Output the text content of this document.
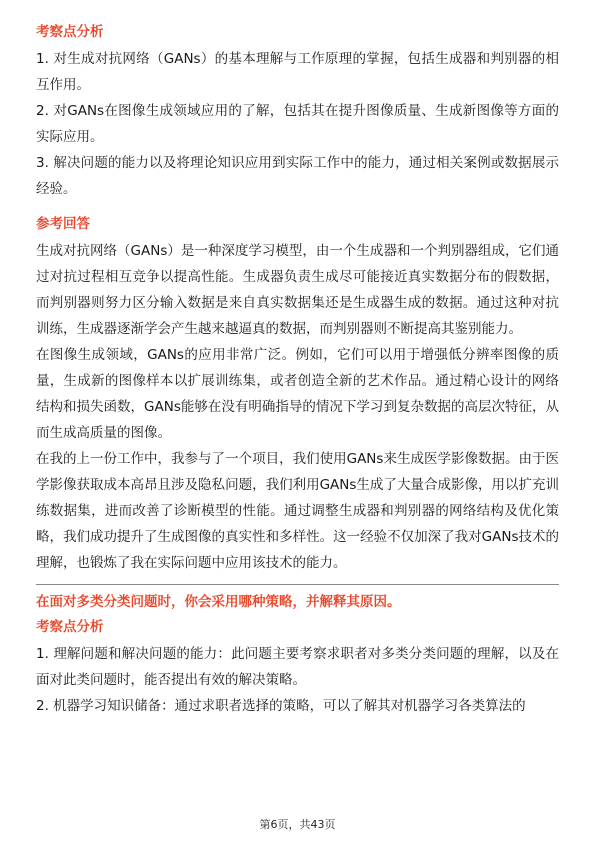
考察点分析

1. 对生成对抗网络（GANs）的基本理解与工作原理的掌握，包括生成器和判别器的相互作用。

2. 对GANs在图像生成领域应用的了解，包括其在提升图像质量、生成新图像等方面的实际应用。

3. 解决问题的能力以及将理论知识应用到实际工作中的能力，通过相关案例或数据展示经验。

参考回答

生成对抗网络（GANs）是一种深度学习模型，由一个生成器和一个判别器组成，它们通过对抗过程相互竞争以提高性能。生成器负责生成尽可能接近真实数据分布的假数据，而判别器则努力区分输入数据是来自真实数据集还是生成器生成的数据。通过这种对抗训练，生成器逐渐学会产生越来越逼真的数据，而判别器则不断提高其鉴别能力。

在图像生成领域，GANs的应用非常广泛。例如，它们可以用于增强低分辨率图像的质量，生成新的图像样本以扩展训练集，或者创造全新的艺术作品。通过精心设计的网络结构和损失函数，GANs能够在没有明确指导的情况下学习到复杂数据的高层次特征，从而生成高质量的图像。

在我的上一份工作中，我参与了一个项目，我们使用GANs来生成医学影像数据。由于医学影像获取成本高昂且涉及隐私问题，我们利用GANs生成了大量合成影像，用以扩充训练数据集，进而改善了诊断模型的性能。通过调整生成器和判别器的网络结构及优化策略，我们成功提升了生成图像的真实性和多样性。这一经验不仅加深了我对GANs技术的理解，也锻炼了我在实际问题中应用该技术的能力。

在面对多类分类问题时，你会采用哪种策略，并解释其原因。

考察点分析

1. 理解问题和解决问题的能力：此问题主要考察求职者对多类分类问题的理解，以及在面对此类问题时，能否提出有效的解决策略。

2. 机器学习知识储备：通过求职者选择的策略，可以了解其对机器学习各类算法的

第6页，共43页
